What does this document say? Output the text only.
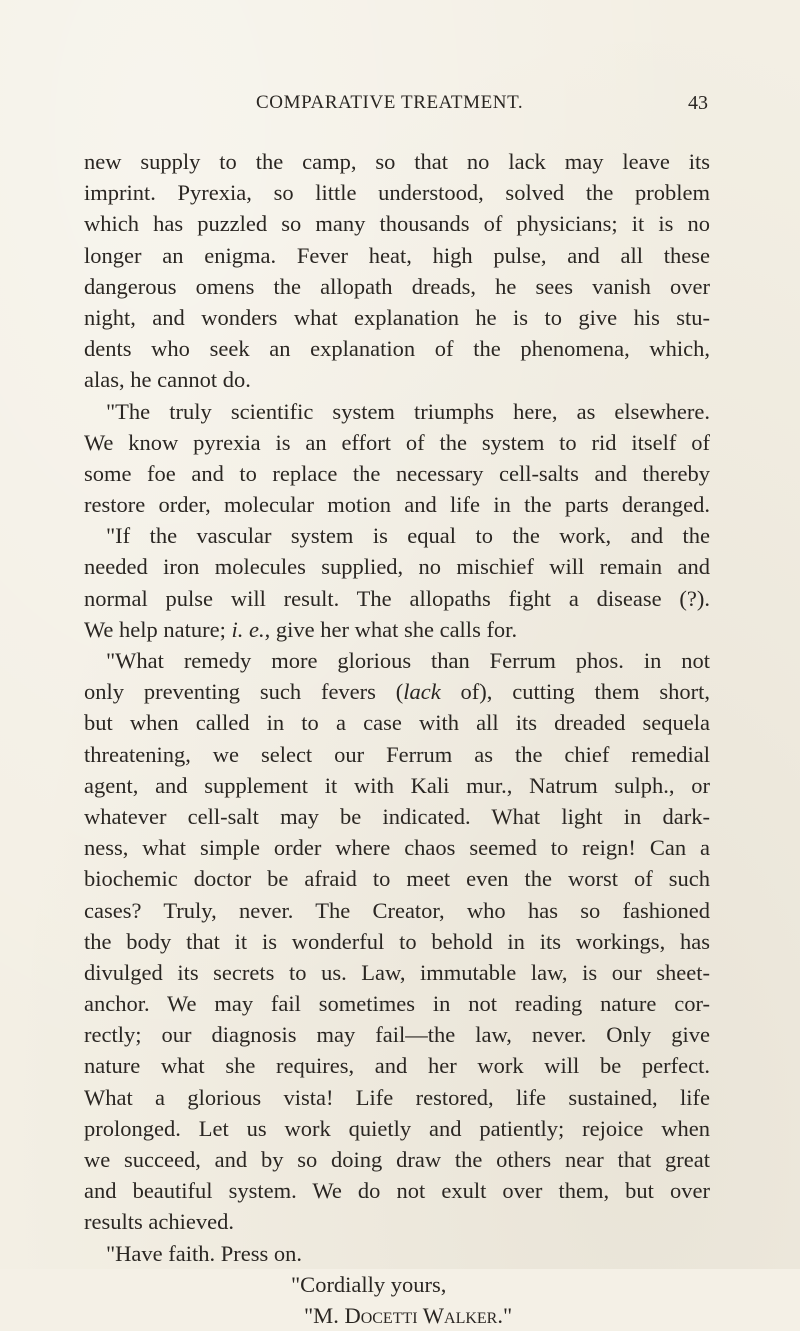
COMPARATIVE TREATMENT.	43
new supply to the camp, so that no lack may leave its
imprint. Pyrexia, so little understood, solved the problem
which has puzzled so many thousands of physicians; it is no
longer an enigma. Fever heat, high pulse, and all these
dangerous omens the allopath dreads, he sees vanish over
night, and wonders what explanation he is to give his stu-
dents who seek an explanation of the phenomena, which,
alas, he cannot do.
"The truly scientific system triumphs here, as elsewhere.
We know pyrexia is an effort of the system to rid itself of
some foe and to replace the necessary cell-salts and thereby
restore order, molecular motion and life in the parts deranged.
"If the vascular system is equal to the work, and the
needed iron molecules supplied, no mischief will remain and
normal pulse will result. The allopaths fight a disease (?).
We help nature; i. e., give her what she calls for.
"What remedy more glorious than Ferrum phos. in not
only preventing such fevers (lack of), cutting them short,
but when called in to a case with all its dreaded sequela
threatening, we select our Ferrum as the chief remedial
agent, and supplement it with Kali mur., Natrum sulph., or
whatever cell-salt may be indicated. What light in dark-
ness, what simple order where chaos seemed to reign! Can a
biochemic doctor be afraid to meet even the worst of such
cases? Truly, never. The Creator, who has so fashioned
the body that it is wonderful to behold in its workings, has
divulged its secrets to us. Law, immutable law, is our sheet-
anchor. We may fail sometimes in not reading nature cor-
rectly; our diagnosis may fail—the law, never. Only give
nature what she requires, and her work will be perfect.
What a glorious vista! Life restored, life sustained, life
prolonged. Let us work quietly and patiently; rejoice when
we succeed, and by so doing draw the others near that great
and beautiful system. We do not exult over them, but over
results achieved.
"Have faith. Press on.
"Cordially yours,
"M. Docetti Walker."
